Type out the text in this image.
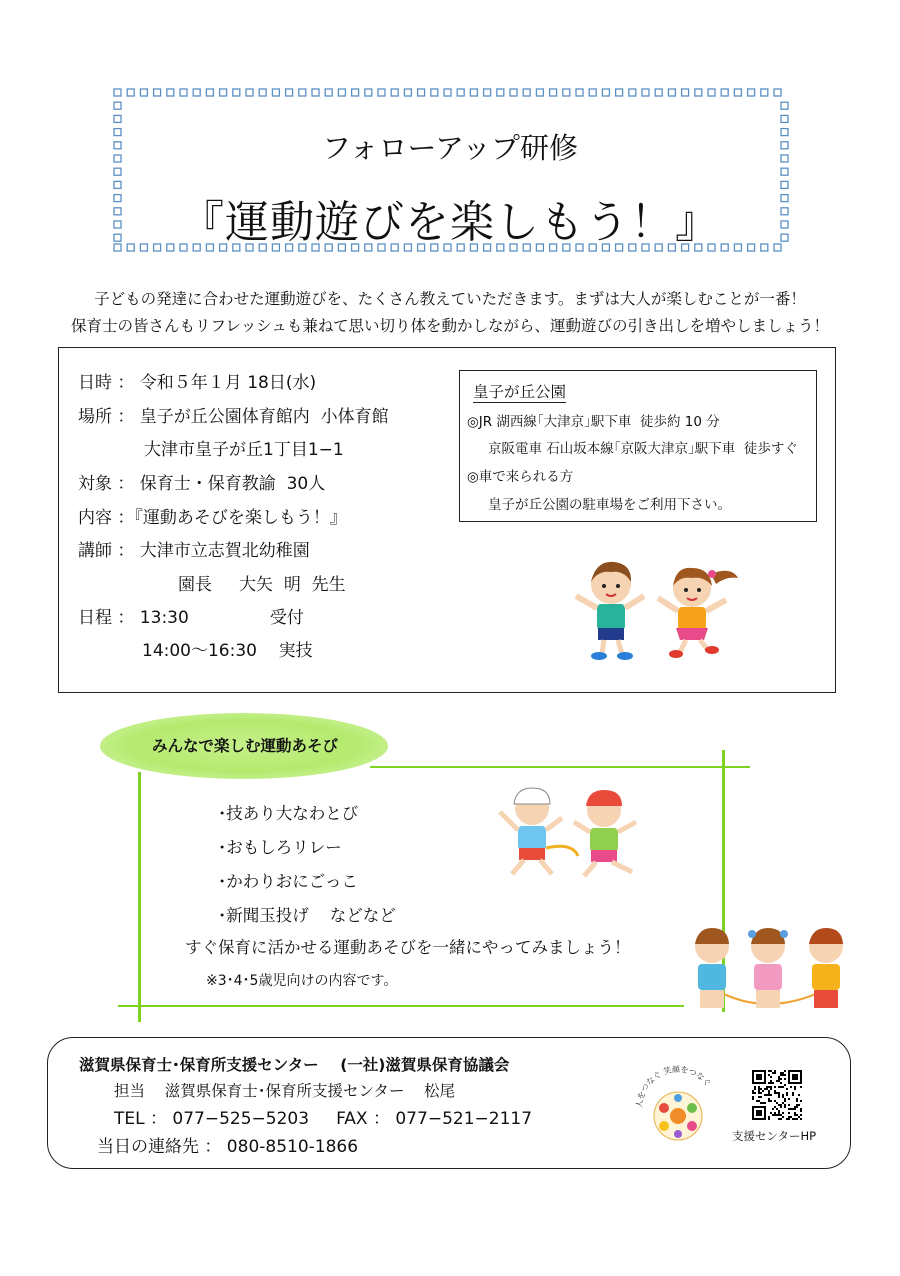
フォローアップ研修
『運動遊びを楽しもう！』
子どもの発達に合わせた運動遊びを、たくさん教えていただきます。まずは大人が楽しむことが一番！
保育士の皆さんもリフレッシュも兼ねて思い切り体を動かしながら、運動遊びの引き出しを増やしましょう！
日時 ： 令和５年１月 18日(水)
場所 ： 皇子が丘公園体育館内  小体育館
大津市皇子が丘1丁目1−1
対象 ： 保育士・保育教諭  30人
内容 ：『運動あそびを楽しもう！』
講師 ： 大津市立志賀北幼稚園
園長     大矢  明  先生
日程 ： 13:30               受付
14:00～16:30    実技
皇子が丘公園
◎JR 湖西線｢大津京｣駅下車  徒歩約 10 分
京阪電車 石山坂本線｢京阪大津京｣駅下車  徒歩すぐ
◎車で来られる方
皇子が丘公園の駐車場をご利用下さい。
みんなで楽しむ運動あそび
･技あり大なわとび
･おもしろリレー
･かわりおにごっこ
･新聞玉投げ    などなど
すぐ保育に活かせる運動あそびを一緒にやってみましょう！
※3･4･5歳児向けの内容です。
滋賀県保育士･保育所支援センター    (一社)滋賀県保育協議会
担当    滋賀県保育士･保育所支援センター    松尾
TEL ： 077−525−5203     FAX ： 077−521−2117
当日の連絡先 ： 080-8510-1866
人をつなぐ 笑顔をつなぐ
支援センターHP
